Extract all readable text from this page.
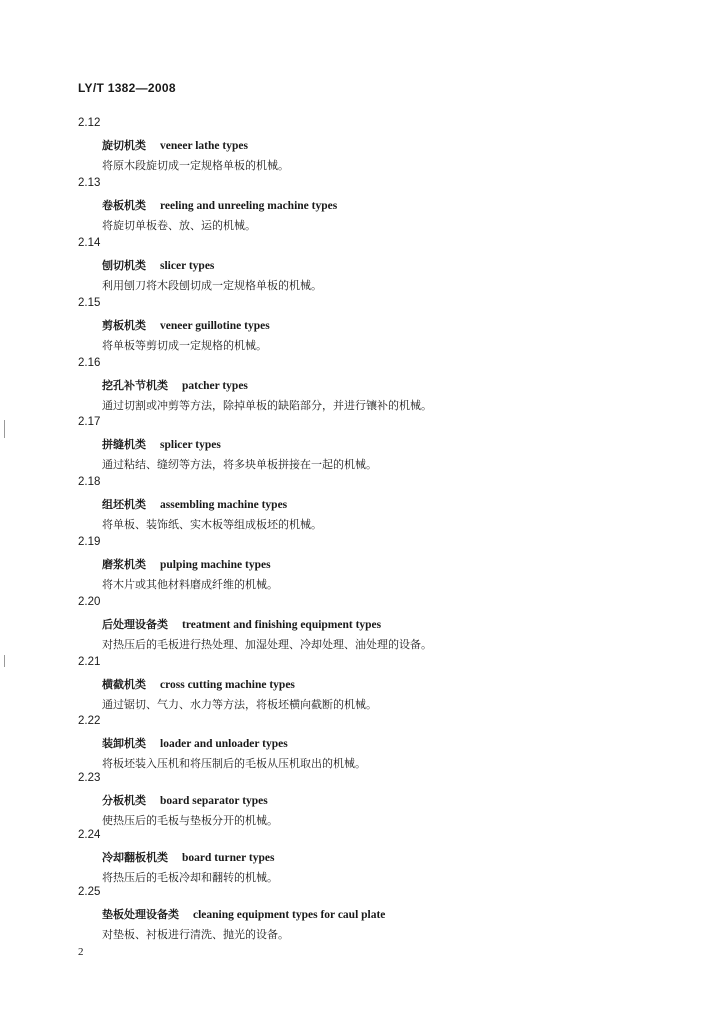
LY/T 1382—2008
2.12
旋切机类 veneer lathe types
将原木段旋切成一定规格单板的机械。
2.13
卷板机类 reeling and unreeling machine types
将旋切单板卷、放、运的机械。
2.14
刨切机类 slicer types
利用刨刀将木段刨切成一定规格单板的机械。
2.15
剪板机类 veneer guillotine types
将单板等剪切成一定规格的机械。
2.16
挖孔补节机类 patcher types
通过切割或冲剪等方法，除掉单板的缺陷部分，并进行镶补的机械。
2.17
拼缝机类 splicer types
通过粘结、缝纫等方法，将多块单板拼接在一起的机械。
2.18
组坯机类 assembling machine types
将单板、装饰纸、实木板等组成板坯的机械。
2.19
磨浆机类 pulping machine types
将木片或其他材料磨成纤维的机械。
2.20
后处理设备类 treatment and finishing equipment types
对热压后的毛板进行热处理、加湿处理、冷却处理、油处理的设备。
2.21
横截机类 cross cutting machine types
通过锯切、气力、水力等方法，将板坯横向截断的机械。
2.22
装卸机类 loader and unloader types
将板坯装入压机和将压制后的毛板从压机取出的机械。
2.23
分板机类 board separator types
使热压后的毛板与垫板分开的机械。
2.24
冷却翻板机类 board turner types
将热压后的毛板冷却和翻转的机械。
2.25
垫板处理设备类 cleaning equipment types for caul plate
对垫板、衬板进行清洗、抛光的设备。
2
